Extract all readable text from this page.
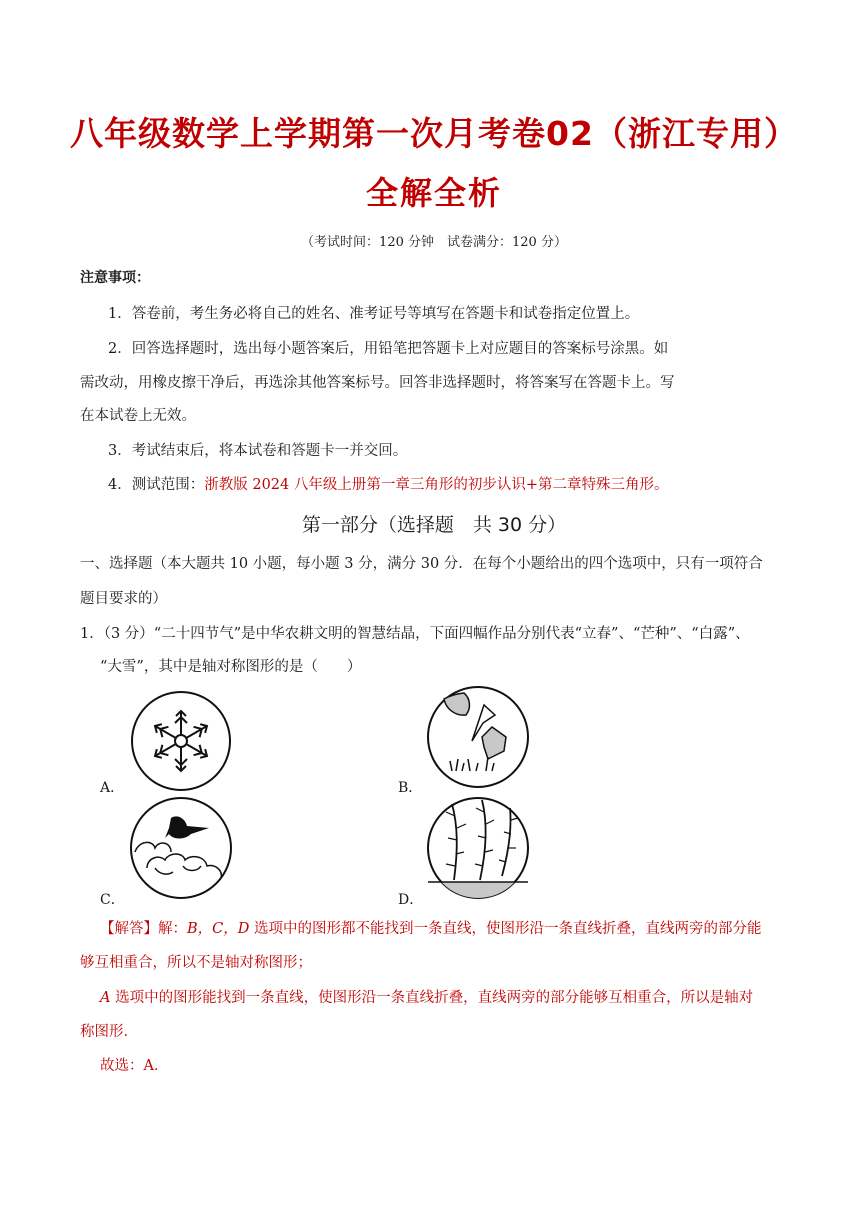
八年级数学上学期第一次月考卷02（浙江专用）
全解全析
（考试时间：120 分钟　试卷满分：120 分）
注意事项：
1．答卷前，考生务必将自己的姓名、准考证号等填写在答题卡和试卷指定位置上。
2．回答选择题时，选出每小题答案后，用铅笔把答题卡上对应题目的答案标号涂黑。如
需改动，用橡皮擦干净后，再选涂其他答案标号。回答非选择题时，将答案写在答题卡上。写
在本试卷上无效。
3．考试结束后，将本试卷和答题卡一并交回。
4．测试范围：浙教版 2024 八年级上册第一章三角形的初步认识+第二章特殊三角形。
第一部分（选择题　共 30 分）
一、选择题（本大题共 10 小题，每小题 3 分，满分 30 分．在每个小题给出的四个选项中，只有一项符合
题目要求的）
1．（3 分）“二十四节气”是中华农耕文明的智慧结晶，下面四幅作品分别代表“立春”、“芒种”、“白露”、
“大雪”，其中是轴对称图形的是（　　）
A．	B．
C．	D．
【解答】解：B，C，D 选项中的图形都不能找到一条直线，使图形沿一条直线折叠，直线两旁的部分能
够互相重合，所以不是轴对称图形；
A 选项中的图形能找到一条直线，使图形沿一条直线折叠，直线两旁的部分能够互相重合，所以是轴对
称图形．
故选：A．
